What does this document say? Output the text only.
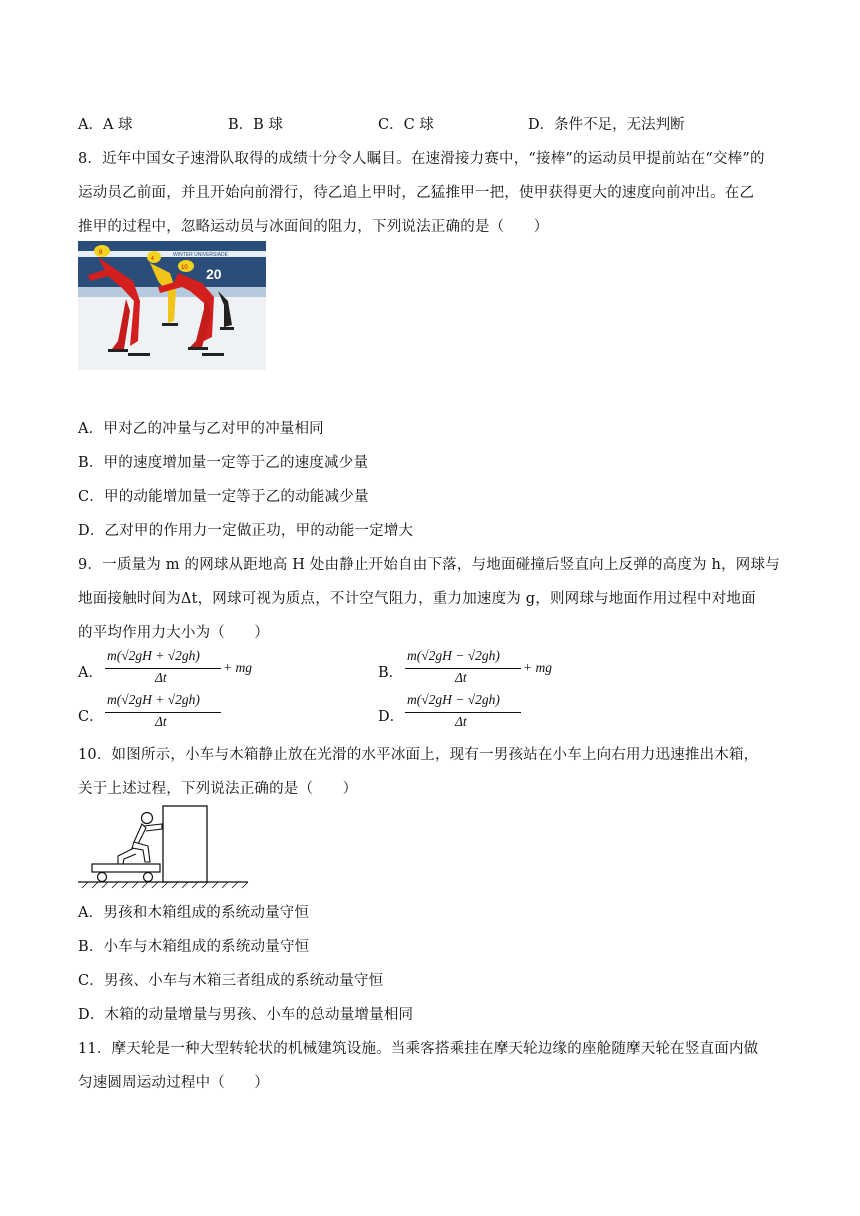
A．A 球	B．B 球	C．C 球	D．条件不足，无法判断
8．近年中国女子速滑队取得的成绩十分令人瞩目。在速滑接力赛中，“接棒”的运动员甲提前站在“交棒”的
运动员乙前面，并且开始向前滑行，待乙追上甲时，乙猛推甲一把，使甲获得更大的速度向前冲出。在乙
推甲的过程中，忽略运动员与冰面间的阻力，下列说法正确的是（　　）
WINTER UNIVERSIADE
20
9
4
10
A．甲对乙的冲量与乙对甲的冲量相同
B．甲的速度增加量一定等于乙的速度减少量
C．甲的动能增加量一定等于乙的动能减少量
D．乙对甲的作用力一定做正功，甲的动能一定增大
9．一质量为 m 的网球从距地高 H 处由静止开始自由下落，与地面碰撞后竖直向上反弹的高度为 h，网球与
地面接触时间为Δt，网球可视为质点，不计空气阻力，重力加速度为 g，则网球与地面作用过程中对地面
的平均作用力大小为（　　）
A．
m(√2gH + √2gh)
Δt
+ mg	B．
m(√2gH − √2gh)
Δt
+ mg
C．
m(√2gH + √2gh)
Δt	D．
m(√2gH − √2gh)
Δt
10．如图所示，小车与木箱静止放在光滑的水平冰面上，现有一男孩站在小车上向右用力迅速推出木箱，
关于上述过程，下列说法正确的是（　　）
A．男孩和木箱组成的系统动量守恒
B．小车与木箱组成的系统动量守恒
C．男孩、小车与木箱三者组成的系统动量守恒
D．木箱的动量增量与男孩、小车的总动量增量相同
11．摩天轮是一种大型转轮状的机械建筑设施。当乘客搭乘挂在摩天轮边缘的座舱随摩天轮在竖直面内做
匀速圆周运动过程中（　　）
